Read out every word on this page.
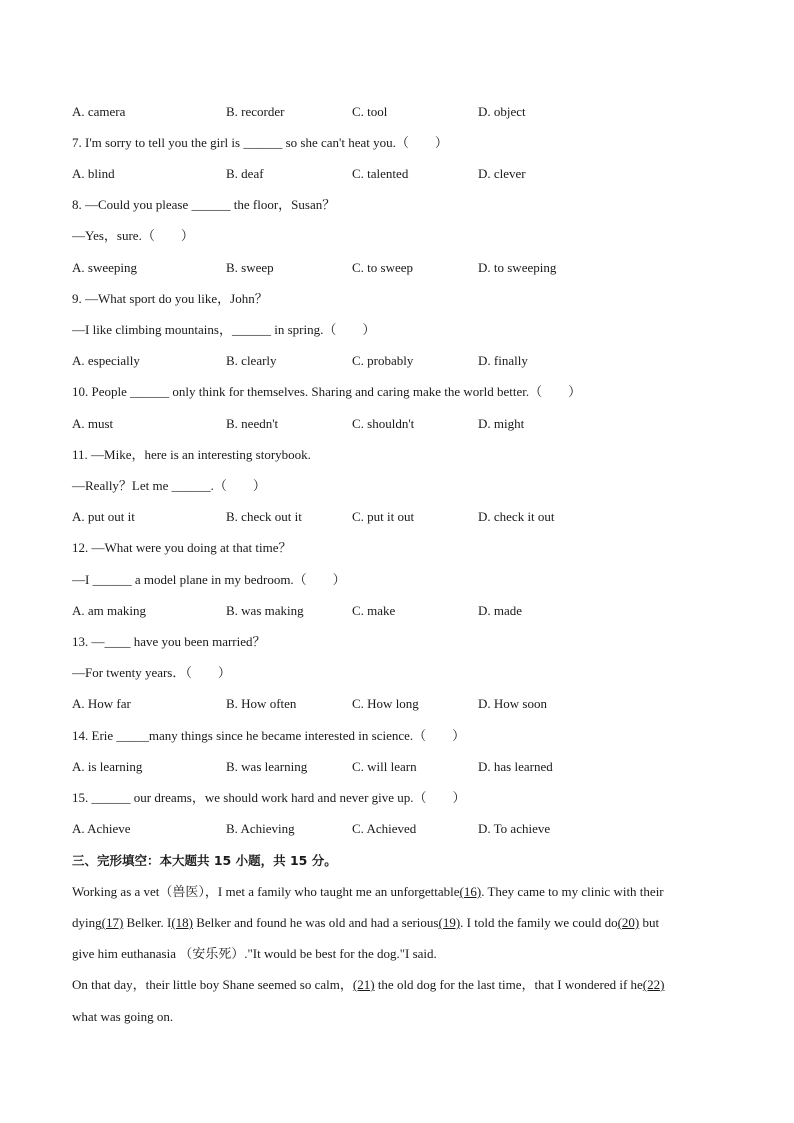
A. camera	B. recorder	C. tool	D. object
7. I'm sorry to tell you the girl is ______ so she can't heat you.（　　）
A. blind	B. deaf	C. talented	D. clever
8. —Could you please ______ the floor，Susan？
—Yes，sure.（　　）
A. sweeping	B. sweep	C. to sweep	D. to sweeping
9. —What sport do you like，John？
—I like climbing mountains，______ in spring.（　　）
A. especially	B. clearly	C. probably	D. finally
10. People ______ only think for themselves. Sharing and caring make the world better.（　　）
A. must	B. needn't	C. shouldn't	D. might
11. —Mike，here is an interesting storybook.
—Really？Let me ______.（　　）
A. put out it	B. check out it	C. put it out	D. check it out
12. —What were you doing at that time？
—I ______ a model plane in my bedroom.（　　）
A. am making	B. was making	C. make	D. made
13. —____ have you been married？
—For twenty years．（　　）
A. How far	B. How often	C. How long	D. How soon
14. Erie _____many things since he became interested in science.（　　）
A. is learning	B. was learning	C. will learn	D. has learned
15. ______ our dreams，we should work hard and never give up.（　　）
A. Achieve	B. Achieving	C. Achieved	D. To achieve
三、完形填空：本大题共 15 小题，共 15 分。
Working as a vet（兽医），I met a family who taught me an unforgettable(16). They came to my clinic with their
dying(17) Belker. I(18) Belker and found he was old and had a serious(19). I told the family we could do(20) but
give him euthanasia （安乐死）."It would be best for the dog."I said.
On that day，their little boy Shane seemed so calm，(21) the old dog for the last time，that I wondered if he(22)
what was going on.
